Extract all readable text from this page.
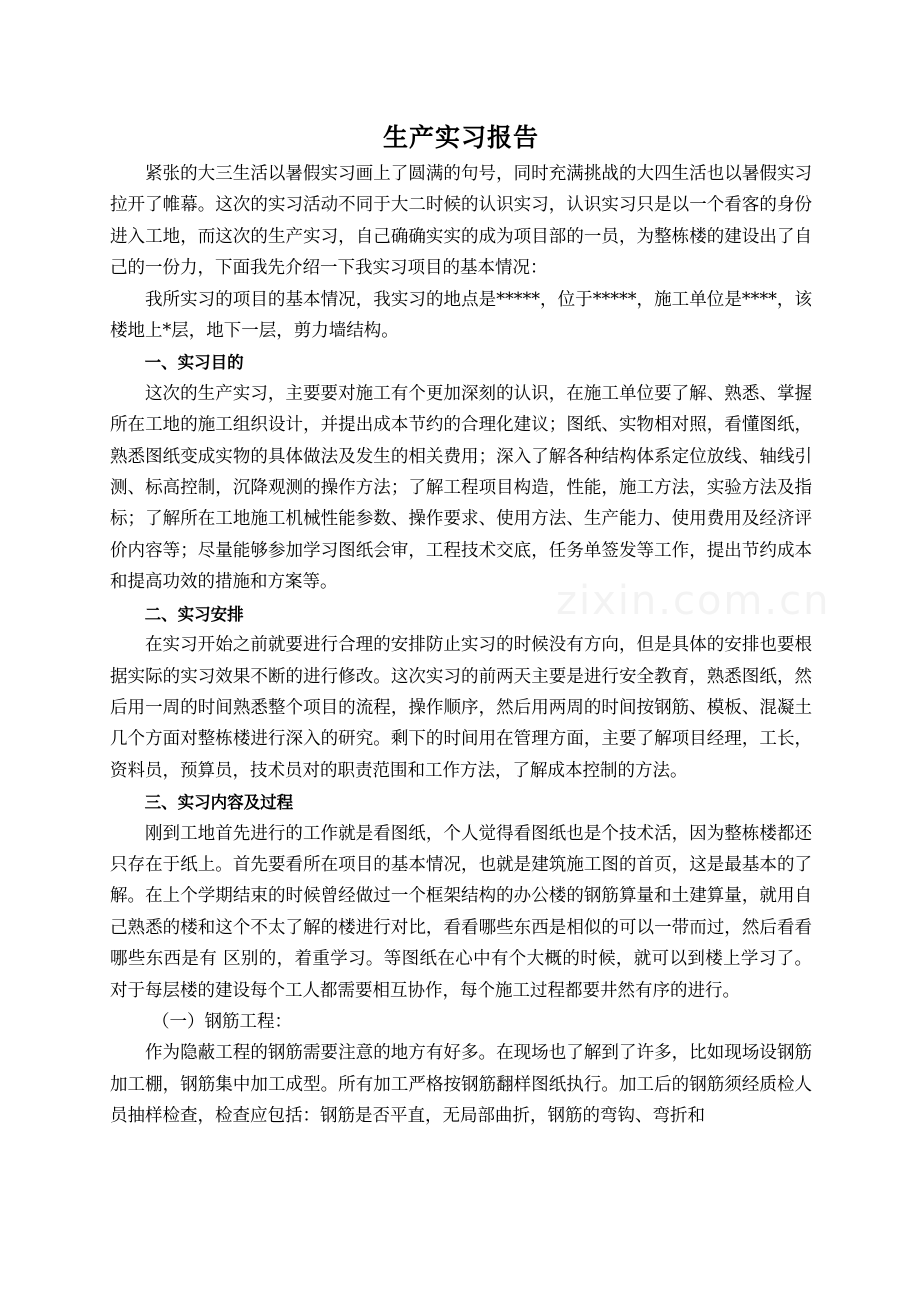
生产实习报告

紧张的大三生活以暑假实习画上了圆满的句号，同时充满挑战的大四生活也以暑假实习拉开了帷幕。这次的实习活动不同于大二时候的认识实习，认识实习只是以一个看客的身份进入工地，而这次的生产实习，自己确确实实的成为项目部的一员，为整栋楼的建设出了自己的一份力，下面我先介绍一下我实习项目的基本情况：

我所实习的项目的基本情况，我实习的地点是*****，位于*****，施工单位是****，该楼地上*层，地下一层，剪力墙结构。

一、实习目的

这次的生产实习，主要要对施工有个更加深刻的认识，在施工单位要了解、熟悉、掌握所在工地的施工组织设计，并提出成本节约的合理化建议；图纸、实物相对照，看懂图纸，熟悉图纸变成实物的具体做法及发生的相关费用；深入了解各种结构体系定位放线、轴线引测、标高控制，沉降观测的操作方法；了解工程项目构造，性能，施工方法，实验方法及指标；了解所在工地施工机械性能参数、操作要求、使用方法、生产能力、使用费用及经济评价内容等；尽量能够参加学习图纸会审，工程技术交底，任务单签发等工作，提出节约成本和提高功效的措施和方案等。

二、实习安排

在实习开始之前就要进行合理的安排防止实习的时候没有方向，但是具体的安排也要根据实际的实习效果不断的进行修改。这次实习的前两天主要是进行安全教育，熟悉图纸，然后用一周的时间熟悉整个项目的流程，操作顺序，然后用两周的时间按钢筋、模板、混凝土几个方面对整栋楼进行深入的研究。剩下的时间用在管理方面，主要了解项目经理，工长，资料员，预算员，技术员对的职责范围和工作方法，了解成本控制的方法。

三、实习内容及过程

刚到工地首先进行的工作就是看图纸，个人觉得看图纸也是个技术活，因为整栋楼都还只存在于纸上。首先要看所在项目的基本情况，也就是建筑施工图的首页，这是最基本的了解。在上个学期结束的时候曾经做过一个框架结构的办公楼的钢筋算量和土建算量，就用自己熟悉的楼和这个不太了解的楼进行对比，看看哪些东西是相似的可以一带而过，然后看看哪些东西是有 区别的，着重学习。等图纸在心中有个大概的时候，就可以到楼上学习了。对于每层楼的建设每个工人都需要相互协作，每个施工过程都要井然有序的进行。

（一）钢筋工程：

作为隐蔽工程的钢筋需要注意的地方有好多。在现场也了解到了许多，比如现场设钢筋加工棚，钢筋集中加工成型。所有加工严格按钢筋翻样图纸执行。加工后的钢筋须经质检人员抽样检查，检查应包括：钢筋是否平直，无局部曲折，钢筋的弯钩、弯折和

zixin.com.cn
